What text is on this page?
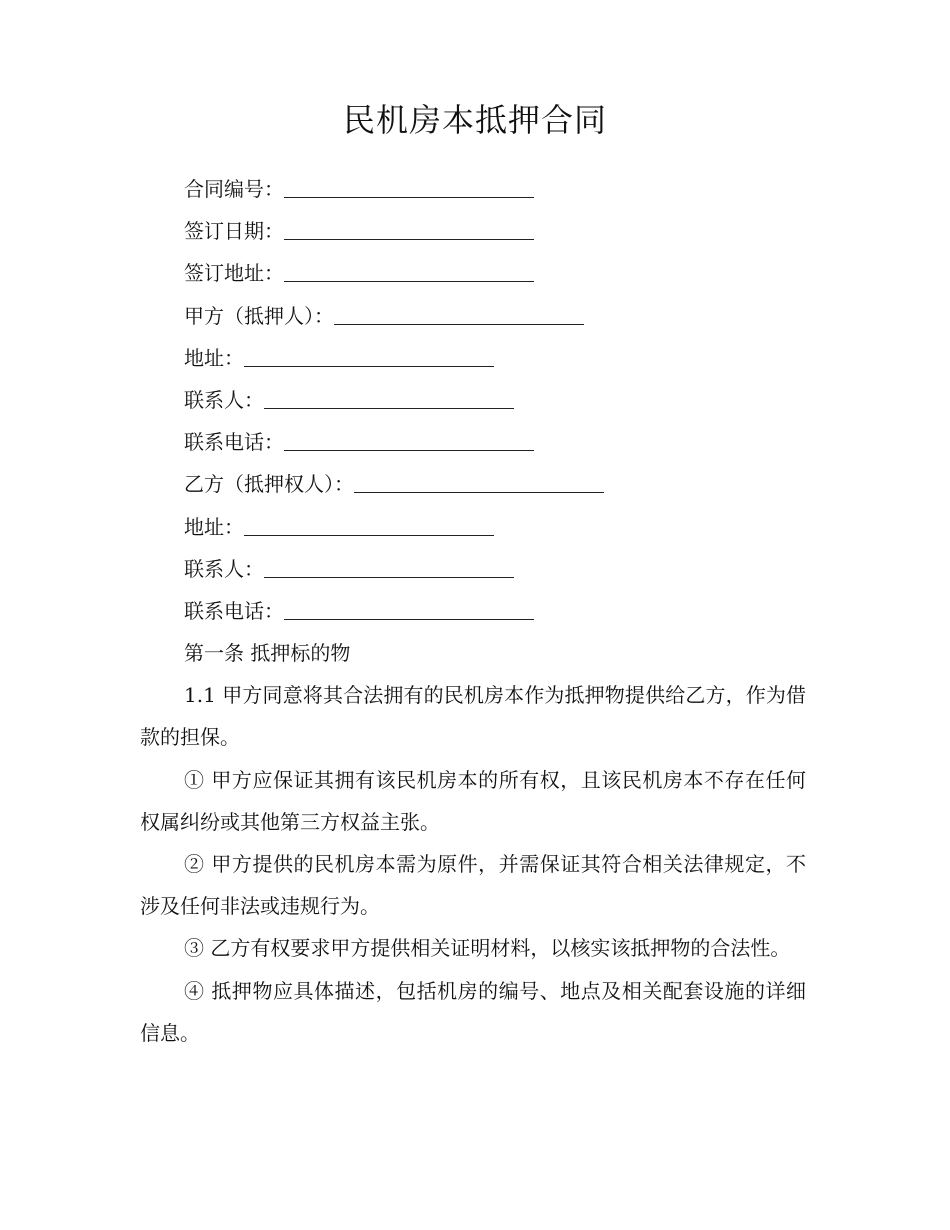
民机房本抵押合同
合同编号：
签订日期：
签订地址：
甲方（抵押人）：
地址：
联系人：
联系电话：
乙方（抵押权人）：
地址：
联系人：
联系电话：
第一条 抵押标的物
1.1 甲方同意将其合法拥有的民机房本作为抵押物提供给乙方，作为借款的担保。
① 甲方应保证其拥有该民机房本的所有权，且该民机房本不存在任何权属纠纷或其他第三方权益主张。
② 甲方提供的民机房本需为原件，并需保证其符合相关法律规定，不涉及任何非法或违规行为。
③ 乙方有权要求甲方提供相关证明材料，以核实该抵押物的合法性。
④ 抵押物应具体描述，包括机房的编号、地点及相关配套设施的详细信息。
